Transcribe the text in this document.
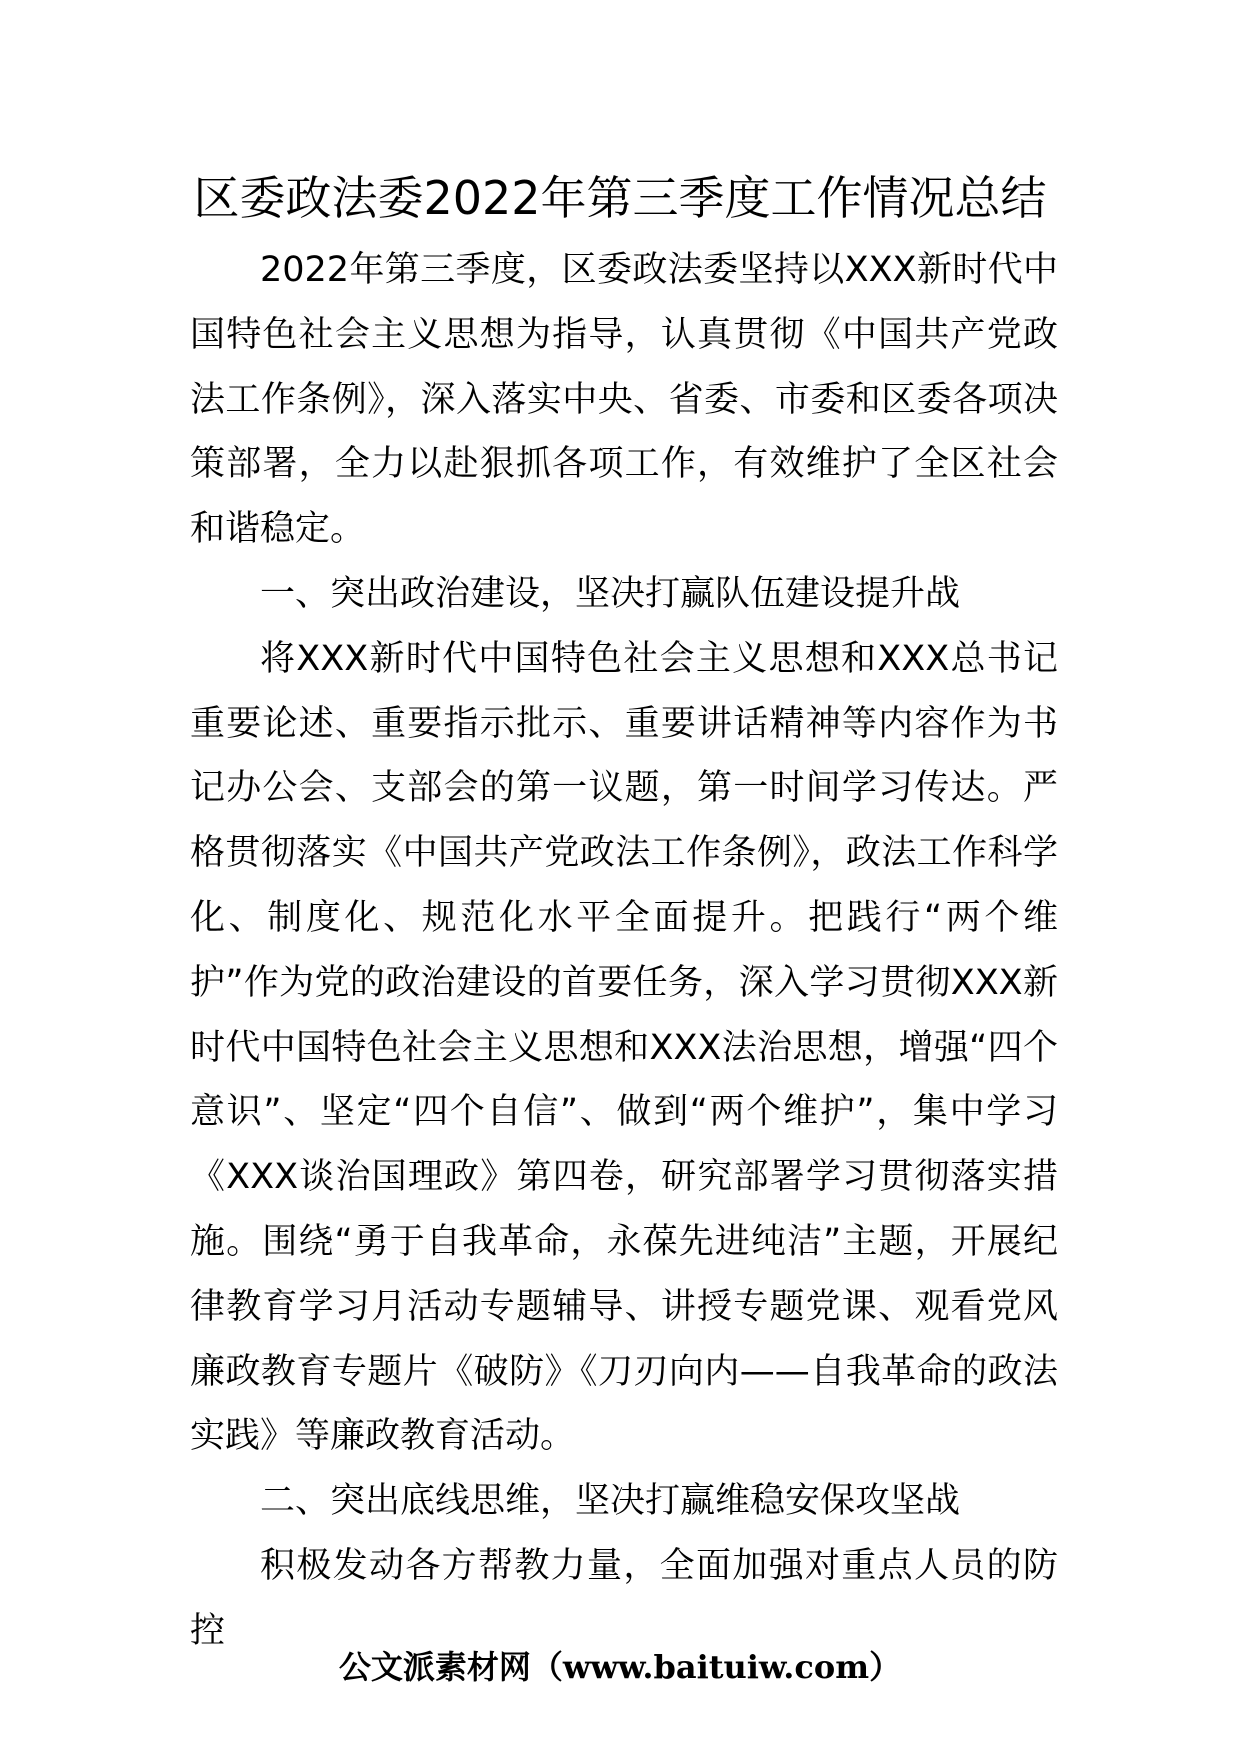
区委政法委2022年第三季度工作情况总结

2022年第三季度，区委政法委坚持以XXX新时代中国特色社会主义思想为指导，认真贯彻《中国共产党政法工作条例》，深入落实中央、省委、市委和区委各项决策部署，全力以赴狠抓各项工作，有效维护了全区社会和谐稳定。

一、突出政治建设，坚决打赢队伍建设提升战

将XXX新时代中国特色社会主义思想和XXX总书记重要论述、重要指示批示、重要讲话精神等内容作为书记办公会、支部会的第一议题，第一时间学习传达。严格贯彻落实《中国共产党政法工作条例》，政法工作科学化、制度化、规范化水平全面提升。把践行“两个维护”作为党的政治建设的首要任务，深入学习贯彻XXX新时代中国特色社会主义思想和XXX法治思想，增强“四个意识”、坚定“四个自信”、做到“两个维护”，集中学习《XXX谈治国理政》第四卷，研究部署学习贯彻落实措施。围绕“勇于自我革命，永葆先进纯洁”主题，开展纪律教育学习月活动专题辅导、讲授专题党课、观看党风廉政教育专题片《破防》《刀刃向内——自我革命的政法实践》等廉政教育活动。

二、突出底线思维，坚决打赢维稳安保攻坚战

积极发动各方帮教力量，全面加强对重点人员的防控

公文派素材网（www.baituiw.com）
